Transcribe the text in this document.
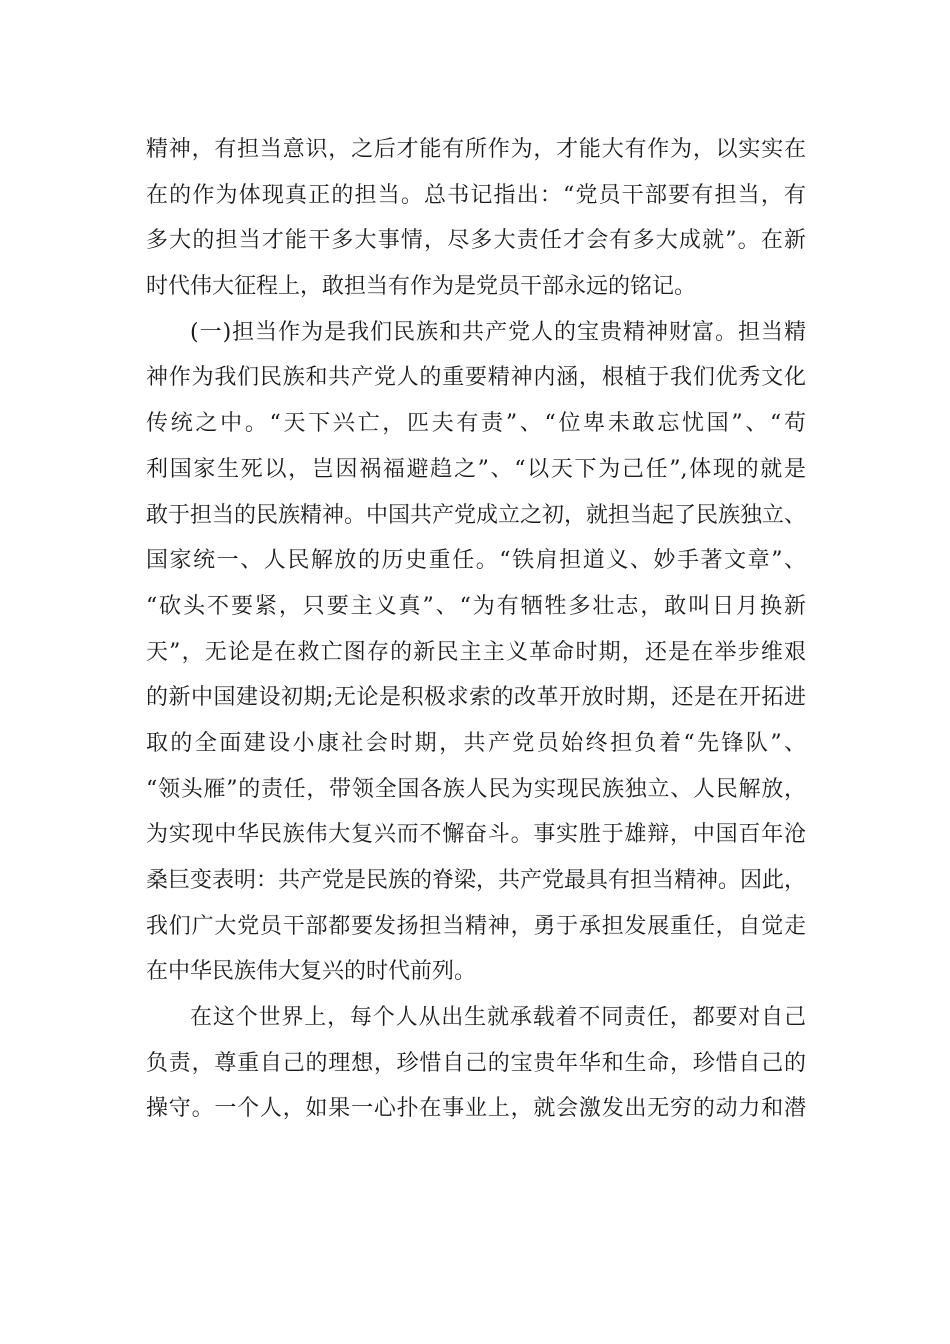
精神，有担当意识，之后才能有所作为，才能大有作为，以实实在
在的作为体现真正的担当。总书记指出：“党员干部要有担当，有
多大的担当才能干多大事情，尽多大责任才会有多大成就”。在新
时代伟大征程上，敢担当有作为是党员干部永远的铭记。
(一)担当作为是我们民族和共产党人的宝贵精神财富。担当精
神作为我们民族和共产党人的重要精神内涵，根植于我们优秀文化
传统之中。“天下兴亡，匹夫有责”、“位卑未敢忘忧国”、“苟
利国家生死以，岂因祸福避趋之”、“以天下为己任”,体现的就是
敢于担当的民族精神。中国共产党成立之初，就担当起了民族独立、
国家统一、人民解放的历史重任。“铁肩担道义、妙手著文章”、
“砍头不要紧，只要主义真”、“为有牺牲多壮志，敢叫日月换新
天”，无论是在救亡图存的新民主主义革命时期，还是在举步维艰
的新中国建设初期;无论是积极求索的改革开放时期，还是在开拓进
取的全面建设小康社会时期，共产党员始终担负着“先锋队”、
“领头雁”的责任，带领全国各族人民为实现民族独立、人民解放，
为实现中华民族伟大复兴而不懈奋斗。事实胜于雄辩，中国百年沧
桑巨变表明：共产党是民族的脊梁，共产党最具有担当精神。因此，
我们广大党员干部都要发扬担当精神，勇于承担发展重任，自觉走
在中华民族伟大复兴的时代前列。
在这个世界上，每个人从出生就承载着不同责任，都要对自己
负责，尊重自己的理想，珍惜自己的宝贵年华和生命，珍惜自己的
操守。一个人，如果一心扑在事业上，就会激发出无穷的动力和潜
